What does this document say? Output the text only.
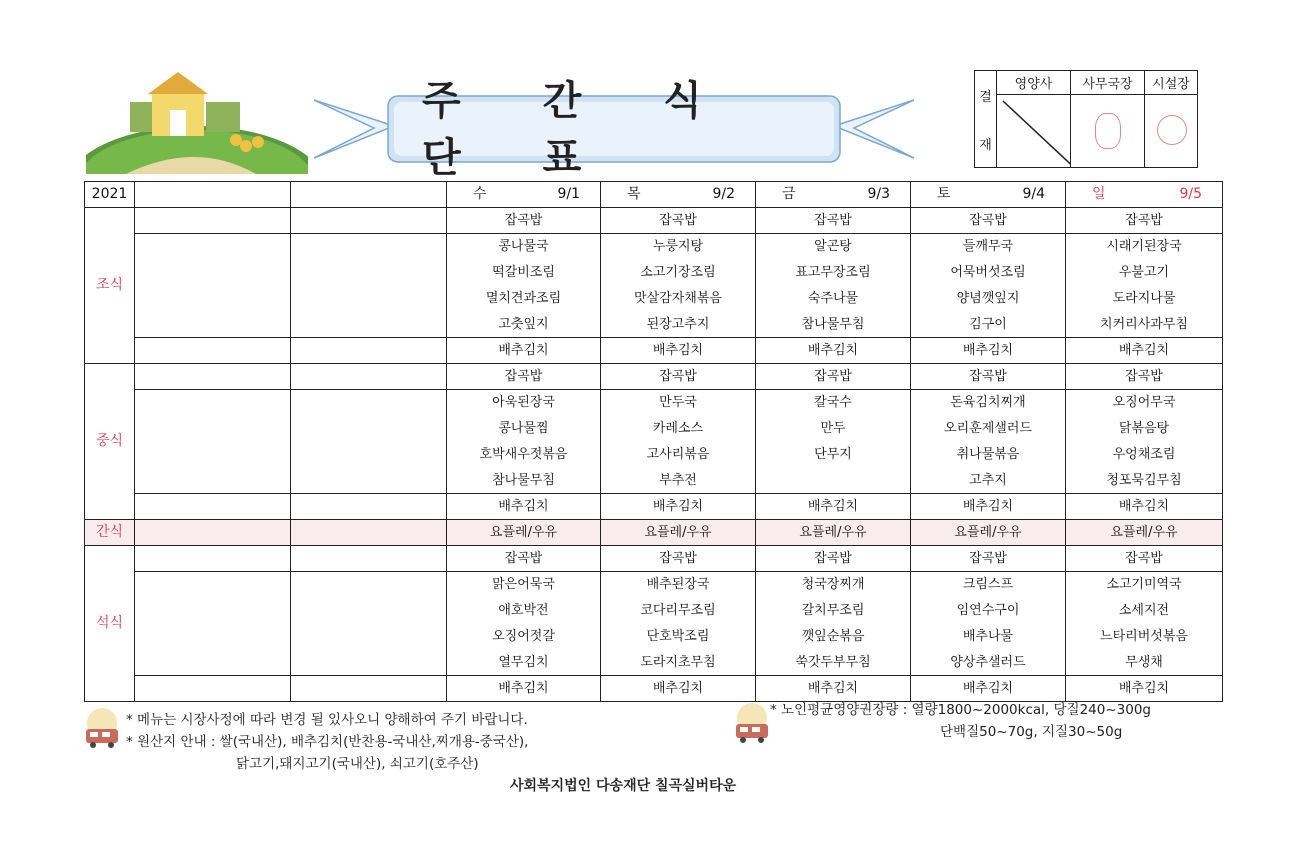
주 간 식 단 표
결
재
영양사	사무국장	시설장
2021			수 9/1	목 9/2	금 9/3	토 9/4	일 9/5

조식			잡곡밥	잡곡밥	잡곡밥	잡곡밥	잡곡밥
			콩나물국	누룽지탕	알곤탕	들깨무국	시래기된장국
			떡갈비조림	소고기장조림	표고무장조림	어묵버섯조림	우불고기
			멸치견과조림	맛살감자채볶음	숙주나물	양념깻잎지	도라지나물
			고춧잎지	된장고추지	참나물무침	김구이	치커리사과무침
			배추김치	배추김치	배추김치	배추김치	배추김치
중식			잡곡밥	잡곡밥	잡곡밥	잡곡밥	잡곡밥
			아욱된장국	만두국	칼국수	돈육김치찌개	오징어무국
			콩나물찜	카레소스	만두	오리훈제샐러드	닭볶음탕
			호박새우젓볶음	고사리볶음	단무지	취나물볶음	우엉채조림
			참나물무침	부추전		고추지	청포묵김무침
			배추김치	배추김치	배추김치	배추김치	배추김치
간식			요플레/우유	요플레/우유	요플레/우유	요플레/우유	요플레/우유
석식			잡곡밥	잡곡밥	잡곡밥	잡곡밥	잡곡밥
			맑은어묵국	배추된장국	청국장찌개	크림스프	소고기미역국
			애호박전	코다리무조림	갈치무조림	임연수구이	소세지전
			오징어젓갈	단호박조림	깻잎순볶음	배추나물	느타리버섯볶음
			열무김치	도라지초무침	쑥갓두부무침	양상추샐러드	무생채
			배추김치	배추김치	배추김치	배추김치	배추김치
* 메뉴는 시장사정에 따라 변경 될 있사오니 양해하여 주기 바랍니다.
* 원산지 안내 : 쌀(국내산), 배추김치(반찬용-국내산,찌개용-중국산),
닭고기,돼지고기(국내산), 쇠고기(호주산)
* 노인평균영양권장량 : 열량1800~2000kcal, 당질240~300g
단백질50~70g, 지질30~50g
사회복지법인 다송재단 칠곡실버타운
